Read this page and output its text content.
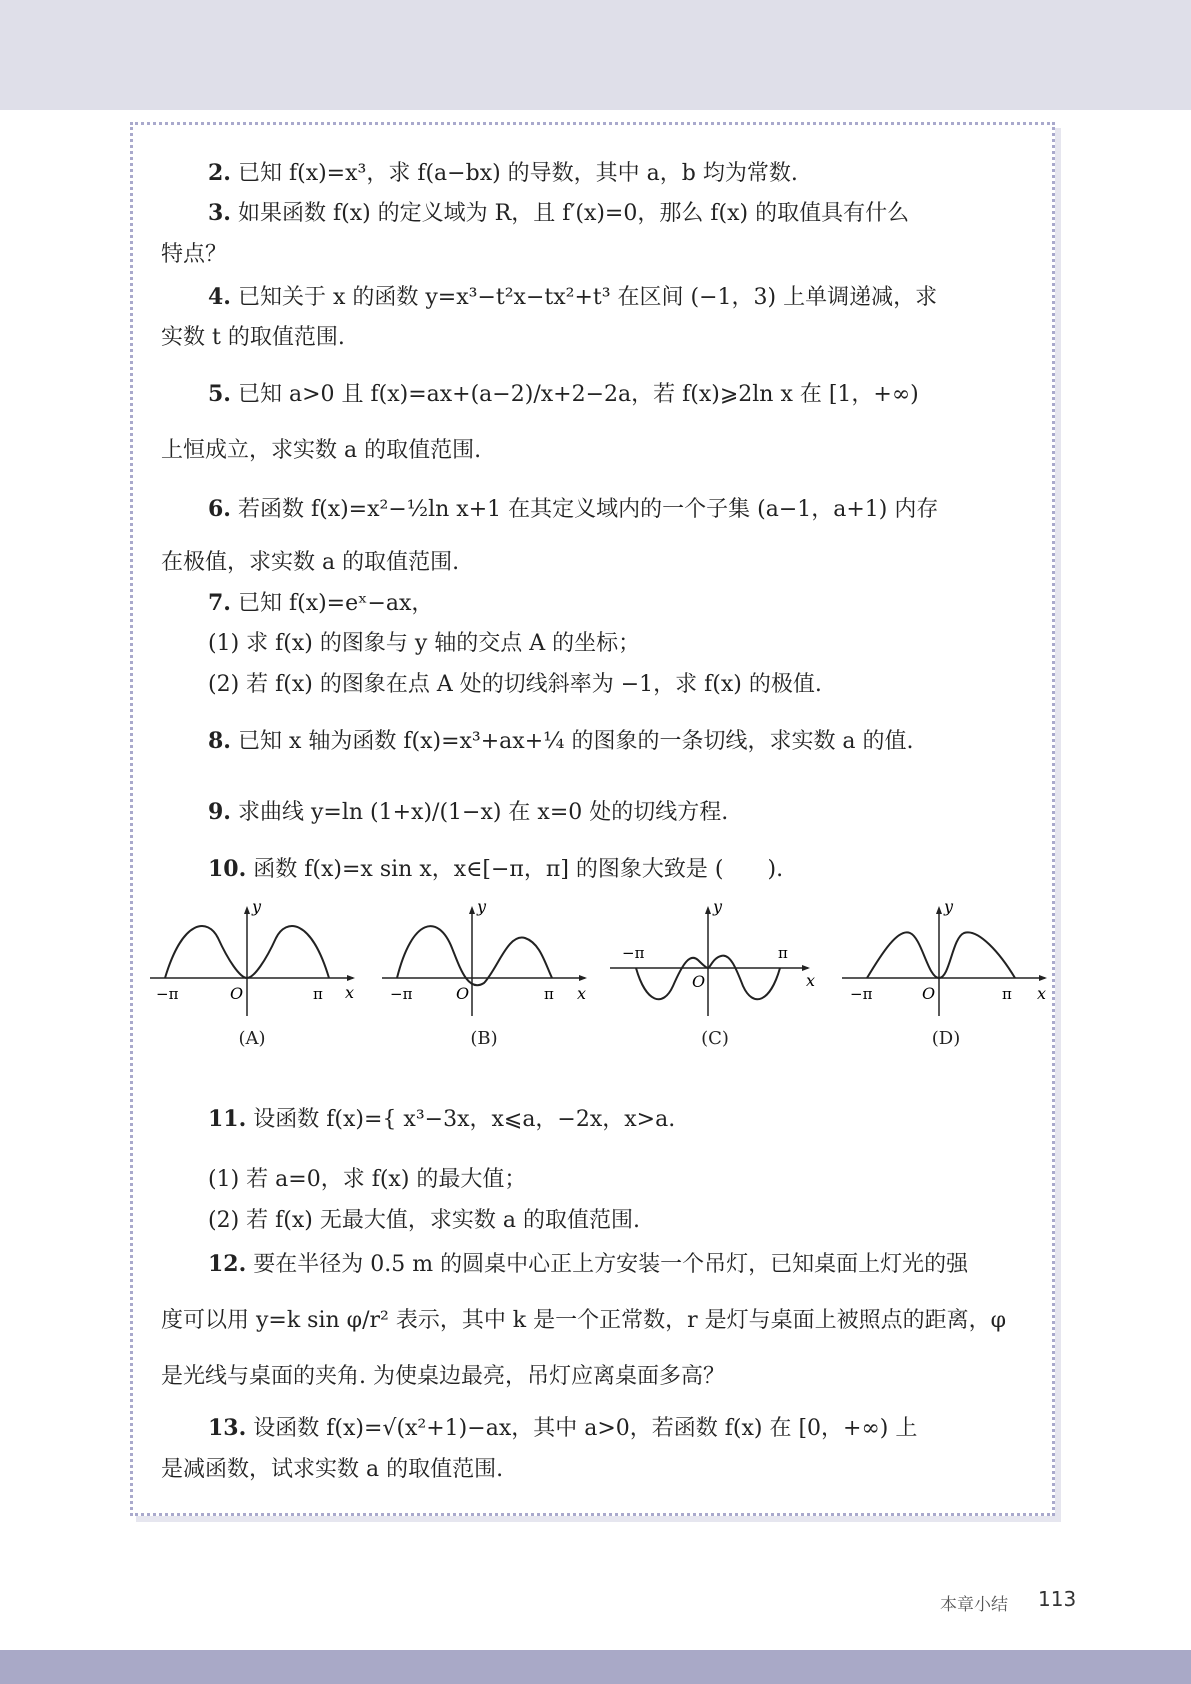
2. 已知 f(x)=x³，求 f(a−bx) 的导数，其中 a，b 均为常数.
3. 如果函数 f(x) 的定义域为 R，且 f′(x)=0，那么 f(x) 的取值具有什么
特点？
4. 已知关于 x 的函数 y=x³−t²x−tx²+t³ 在区间 (−1，3) 上单调递减，求
实数 t 的取值范围.
5. 已知 a>0 且 f(x)=ax+(a−2)/x+2−2a，若 f(x)⩾2ln x 在 [1，+∞)
上恒成立，求实数 a 的取值范围.
6. 若函数 f(x)=x²−½ln x+1 在其定义域内的一个子集 (a−1，a+1) 内存
在极值，求实数 a 的取值范围.
7. 已知 f(x)=eˣ−ax，
(1) 求 f(x) 的图象与 y 轴的交点 A 的坐标；
(2) 若 f(x) 的图象在点 A 处的切线斜率为 −1，求 f(x) 的极值.
8. 已知 x 轴为函数 f(x)=x³+ax+¼ 的图象的一条切线，求实数 a 的值.
9. 求曲线 y=ln (1+x)/(1−x) 在 x=0 处的切线方程.
10. 函数 f(x)=x sin x，x∈[−π，π] 的图象大致是 (　　).
y
x
O
−π	π
y
x
O
−π	π
y
x
O
−π	π
y
x
O
−π	π
(A)	(B)	(C)	(D)
11. 设函数 f(x)={ x³−3x，x⩽a，−2x，x>a.
(1) 若 a=0，求 f(x) 的最大值；
(2) 若 f(x) 无最大值，求实数 a 的取值范围.
12. 要在半径为 0.5 m 的圆桌中心正上方安装一个吊灯，已知桌面上灯光的强
度可以用 y=k sin φ/r² 表示，其中 k 是一个正常数，r 是灯与桌面上被照点的距离，φ
是光线与桌面的夹角. 为使桌边最亮，吊灯应离桌面多高？
13. 设函数 f(x)=√(x²+1)−ax，其中 a>0，若函数 f(x) 在 [0，+∞) 上
是减函数，试求实数 a 的取值范围.
本章小结 113
